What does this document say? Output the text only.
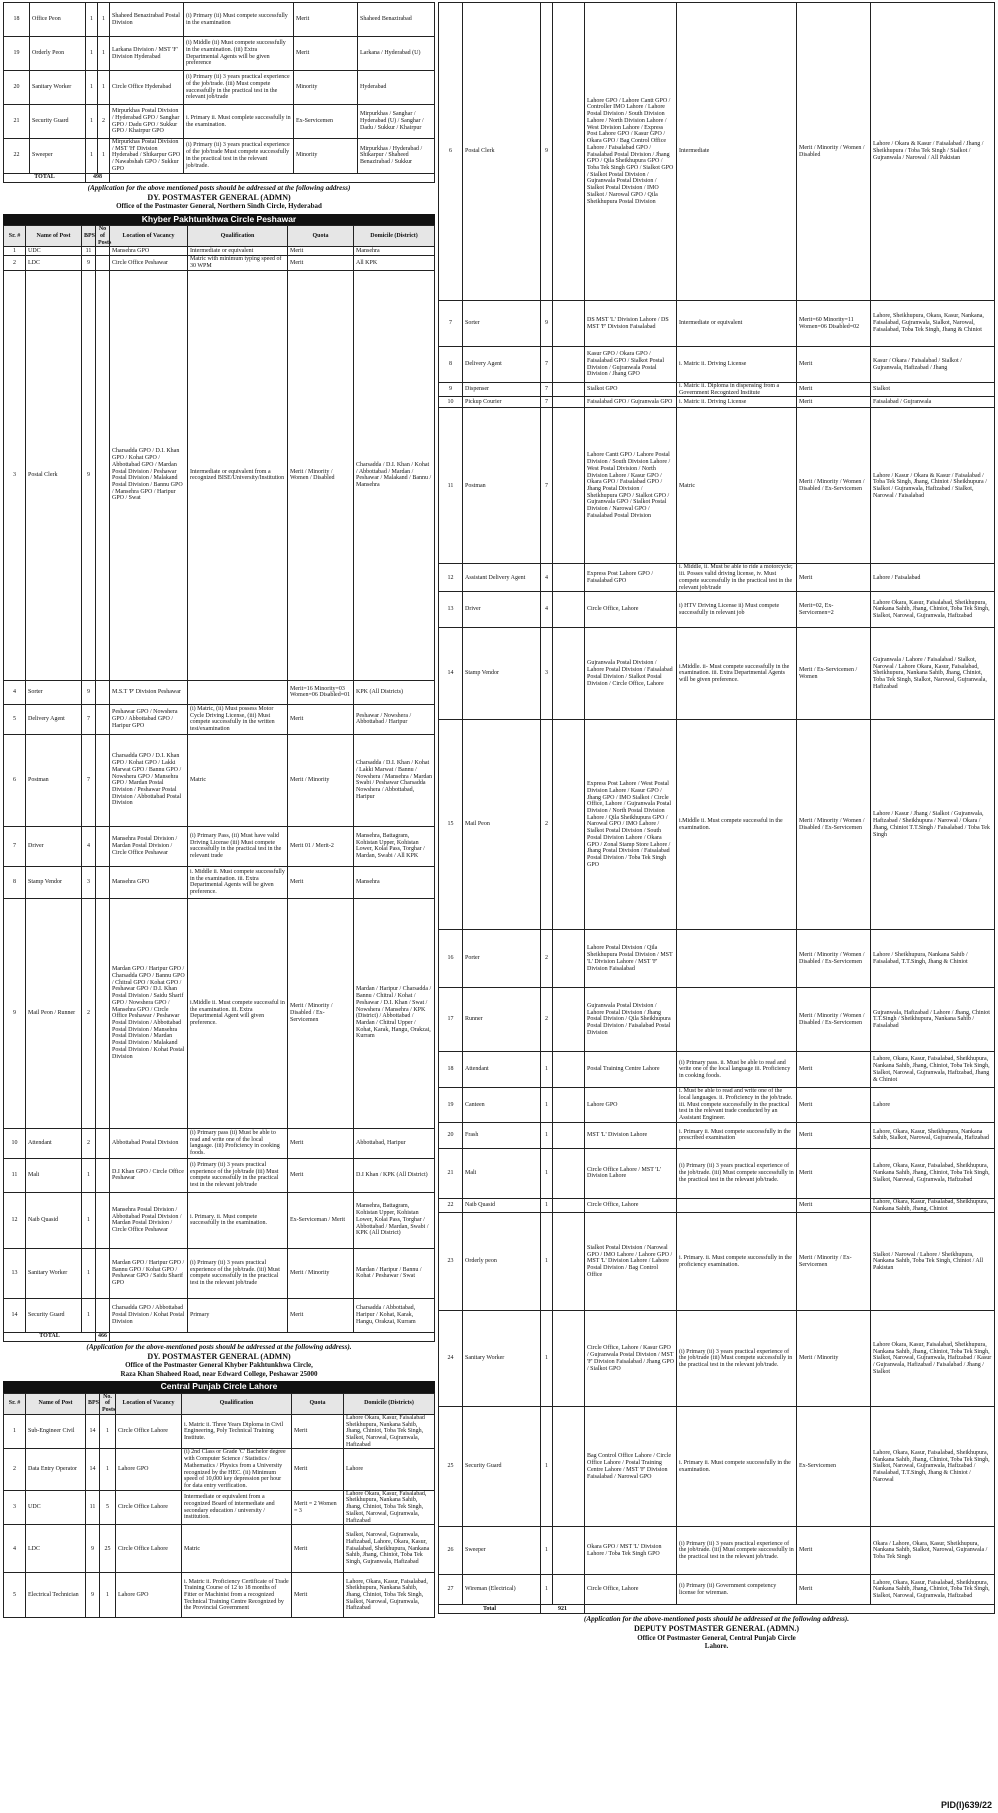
18	Office Peon	1	1	Shaheed Benazirabad Postal Division	(i) Primary (ii) Must compete successfully in the examination	Merit	Shaheed Benazirabad
19	Orderly Peon	1	1	Larkana Division / MST 'F' Division Hyderabad	(i) Middle (ii) Must compete successfully in the examination. (iii) Extra Departmental Agents will be given preference	Merit	Larkana / Hyderabad (U)
20	Sanitary Worker	1	1	Circle Office Hyderabad	(i) Primary (ii) 3 years practical experience of the job/trade. (iii) Must compete successfully in the practical test in the relevant job/trade	Minority	Hyderabad
21	Security Guard	1	2	Mirpurkhas Postal Division / Hyderabad GPO / Sanghar GPO / Dadu GPO / Sukkur GPO / Khairpur GPO	i. Primary ii. Must complete successfully in the examination.	Ex-Servicemen	Mirpurkhas / Sanghar / Hyderabad (U) / Sanghar / Dadu / Sukkur / Khairpur
22	Sweeper	1	1	Mirpurkhas Postal Division / MST 'H' Division Hyderabad / Shikarpur GPO / Nawabshah GPO / Sukkur GPO	(i) Primary (ii) 3 years practical experience of the job/trade Must compete successfully in the practical test in the relevant job/trade.	Minority	Mirpurkhas / Hyderabad / Shikarpur / Shaheed Benazirabad / Sukkur
TOTAL		498					
(Application for the above mentioned posts should be addressed at the following address)
DY. POSTMASTER GENERAL (ADMN)
Office of the Postmaster General, Northern Sindh Circle, Hyderabad
Khyber Pakhtunkhwa Circle Peshawar
Sr. #	Name of Post	BPS	No of Posts	Location of Vacancy	Qualification	Quota	Domicile (District)
1	UDC	11		Mansehra GPO	Intermediate or equivalent	Merit	Mansehra
2	LDC	9		Circle Office Peshawar	Matric with minimum typing speed of 30 WPM	Merit	All KPK
3	Postal Clerk	9		Charsadda GPO / D.I. Khan GPO / Kohat GPO / Abbottabad GPO / Mardan Postal Division / Peshawar Postal Division / Malakand Postal Division / Bannu GPO / Mansehra GPO / Haripur GPO / Swat	Intermediate or equivalent from a recognized BISE/University/Institution	Merit / Minority / Women / Disabled	Charsadda / D.I. Khan / Kohat / Abbottabad / Mardan / Peshawar / Malakand / Bannu / Mansehra
4	Sorter	9		M.S.T 'P' Division Peshawar		Merit=16 Minority=03 Women=06 Disabled=01	KPK (All Districts)
5	Delivery Agent	7		Peshawar GPO / Nowshera GPO / Abbottabad GPO / Haripur GPO	(i) Matric, (ii) Must possess Motor Cycle Driving License, (iii) Must compete successfully in the written test/examination	Merit	Peshawar / Nowshera / Abbottabad / Haripur
6	Postman	7		Charsadda GPO / D.I. Khan GPO / Kohat GPO / Lakki Marwat GPO / Bannu GPO / Nowshera GPO / Mansehra GPO / Mardan Postal Division / Peshawar Postal Division / Abbottabad Postal Division	Matric	Merit / Minority	Charsadda / D.I. Khan / Kohat / Lakki Marwat / Bannu / Nowshera / Mansehra / Mardan Swabi / Peshawar Charsadda Nowshera / Abbottabad, Haripur
7	Driver	4		Mansehra Postal Division / Mardan Postal Division / Circle Office Peshawar	(i) Primary Pass, (ii) Must have valid Driving License (iii) Must compete successfully in the practical test in the relevant trade	Merit 01 / Merit-2	Mansehra, Battagram, Kohistan Upper, Kohistan Lower, Kolai Pass, Torghar / Mardan, Swabi / All KPK
8	Stamp Vendor	3		Mansehra GPO	i. Middle ii. Must compete successfully in the examination. iii. Extra Departmental Agents will be given preference.	Merit	Mansehra
9	Mail Peon / Runner	2		Mardan GPO / Haripur GPO / Charsadda GPO / Bannu GPO / Chitral GPO / Kohat GPO / Peshawar GPO / D.I. Khan Postal Division / Saidu Sharif GPO / Nowshera GPO / Mansehra GPO / Circle Office Peshawar / Peshawar Postal Division / Abbottabad Postal Division / Mansehra Postal Division / Mardan Postal Division / Malakand Postal Division / Kohat Postal Division	i.Middle ii. Must compete successful in the examination. iii. Extra Departmental Agent will given preference.	Merit / Minority / Disabled / Ex-Servicemen	Mardan / Haripur / Charsadda / Bannu / Chitral / Kohat / Peshawar / D.I. Khan / Swat / Nowshera / Mansehra / KPK (District) / Abbottabad / Mardan / Chitral Upper / Kohat, Karak, Hangu, Orakzai, Kurram
10	Attendant	2		Abbottabad Postal Division	(i) Primary pass (ii) Must be able to read and write one of the local language. (iii) Proficiency in cooking foods.	Merit	Abbottabad, Haripur
11	Mali	1		D.I Khan GPO / Circle Office Peshawar	(i) Primary (ii) 3 years practical experience of the job/trade (iii) Must compete successfully in the practical test in the relevant job/trade	Merit	D.I Khan / KPK (All District)
12	Naib Quasid	1		Mansehra Postal Division / Abbottabad Postal Division / Mardan Postal Division / Circle Office Peshawar	i. Primary. ii. Must compete successfully in the examination.	Ex-Serviceman / Merit	Mansehra, Battagram, Kohistan Upper, Kohistan Lower, Kolai Pass, Torghar / Abbottabad / Mardan, Swabi / KPK (All District)
13	Sanitary Worker	1		Mardan GPO / Haripur GPO / Bannu GPO / Kohat GPO / Peshawar GPO / Saidu Sharif GPO	(i) Primary (ii) 3 years practical experience of the job/trade. (iii) Must compete successfully in the practical test in the relevant job/trade	Merit / Minority	Mardan / Haripur / Bannu / Kohat / Peshawar / Swat
14	Security Guard	1		Charsadda GPO / Abbottabad Postal Division / Kohat Postal Division	Primary	Merit	Charsadda / Abbottabad, Haripur / Kohat, Karak, Hangu, Orakzai, Kurram
TOTAL			466				
(Application for the above-mentioned posts should be addressed at the following address).
DY. POSTMASTER GENERAL (ADMN)
Office of the Postmaster General Khyber Pakhtunkhwa Circle,
Raza Khan Shaheed Road, near Edward College, Peshawar 25000
Central Punjab Circle Lahore
Sr. #	Name of Post	BPS	No. of Posts	Location of Vacancy	Qualification	Quota	Domicile (Districts)
1	Sub-Engineer Civil	14	1	Circle Office Lahore	i. Matric ii. Three Years Diploma in Civil Engineering, Poly Technical Training Institute.	Merit	Lahore Okara, Kasur, Faisalabad Sheikhupura, Nankana Sahib, Jhang, Chiniot, Toba Tek Singh, Sialkot, Narowal, Gujranwala, Hafizabad
2	Data Entry Operator	14	1	Lahore GPO	(i) 2nd Class or Grade 'C' Bachelor degree with Computer Science / Statistics / Mathematics / Physics from a University recognized by the HEC. (ii) Minimum speed of 10,000 key depression per hour for data entry verification.	Merit	Lahore
3	UDC	11	5	Circle Office Lahore	Intermediate or equivalent from a recognized Board of intermediate and secondary education / university / institution.	Merit = 2 Women = 3	Lahore Okara, Kasur, Faisalabad, Sheikhupura, Nankana Sahib, Jhang, Chiniot, Toba Tek Singh, Sialkot, Narowal, Gujranwala, Hafizabad
4	LDC	9	25	Circle Office Lahore	Matric	Merit	Sialkot, Narowal, Gujranwala, Hafizabad, Lahore, Okara, Kasur, Faisalabad, Sheikhupura, Nankana Sahib, Jhang, Chiniot, Toba Tek Singh, Gujranwala, Hafizabad
5	Electrical Technician	9	1	Lahore GPO	i. Matric ii. Proficiency Certificate of Trade Training Course of 12 to 18 months of Fitter or Machinist from a recognized Technical Training Centre Recognized by the Provincial Government	Merit	Lahore, Okara, Kasur, Faisalabad, Sheikhupura, Nankana Sahib, Jhang, Chiniot, Toba Tek Singh, Sialkot, Narowal, Gujranwala, Hafizabad
6	Postal Clerk	9		Lahore GPO / Lahore Cantt GPO / Controller IMO Lahore / Lahore Postal Division / South Division Lahore / North Division Lahore / West Division Lahore / Express Post Lahore GPO / Kasur GPO / Okara GPO / Bag Control Office Lahore / Faisalabad GPO / Faisalabad Postal Division / Jhang GPO / Qila Sheikhupura GPO / Toba Tek Singh GPO / Sialkot GPO / Sialkot Postal Division / Gujranwala Postal Division / Sialkot Postal Division / IMO Sialkot / Narowal GPO / Qila Sheikhupura Postal Division	Intermediate	Merit / Minority / Women / Disabled	Lahore / Okara & Kasur / Faisalabad / Jhang / Sheikhupura / Toba Tek Singh / Sialkot / Gujranwala / Narowal / All Pakistan
7	Sorter	9		DS MST 'L' Division Lahore / DS MST 'F' Division Faisalabad	Intermediate or equivalent	Merit=60 Minority=11 Women=06 Disabled=02	Lahore, Sheikhupura, Okara, Kasur, Nankana, Faisalabad, Gujranwala, Sialkot, Narowal, Faisalabad, Toba Tek Singh, Jhang & Chiniot
8	Delivery Agent	7		Kasur GPO / Okara GPO / Faisalabad GPO / Sialkot Postal Division / Gujranwala Postal Division / Jhang GPO	i. Matric ii. Driving License	Merit	Kasur / Okara / Faisalabad / Sialkot / Gujranwala, Hafizabad / Jhang
9	Dispenser	7		Sialkot GPO	i. Matric ii. Diploma in dispensing from a Government Recognized Institute	Merit	Sialkot
10	Pickup Courier	7		Faisalabad GPO / Gujranwala GPO	i. Matric ii. Driving License	Merit	Faisalabad / Gujranwala
11	Postman	7		Lahore Cantt GPO / Lahore Postal Division / South Division Lahore / West Postal Division / North Division Lahore / Kasur GPO / Okara GPO / Faisalabad GPO / Jhang Postal Division / Sheikhupura GPO / Sialkot GPO / Gujranwala GPO / Sialkot Postal Division / Narowal GPO / Faisalabad Postal Division	Matric	Merit / Minority / Women / Disabled / Ex-Servicemen	Lahore / Kasur / Okara & Kasur / Faisalabad / Toba Tek Singh, Jhang, Chiniot / Sheikhupura / Sialkot / Gujranwala, Hafizabad / Sialkot, Narowal / Faisalabad
12	Assistant Delivery Agent	4		Express Post Lahore GPO / Faisalabad GPO	i. Middle, ii. Must be able to ride a motorcycle; iii. Posses valid driving license, iv. Must compete successfully in the practical test in the relevant job/trade	Merit	Lahore / Faisalabad
13	Driver	4		Circle Office, Lahore	i) HTV Driving License ii) Must compete successfully in relevant job	Merit=02, Ex-Servicemen=2	Lahore Okara, Kasur, Faisalabad, Sheikhupura, Nankana Sahib, Jhang, Chiniot, Toba Tek Singh, Sialkot, Narowal, Gujranwala, Hafizabad
14	Stamp Vendor	3		Gujranwala Postal Division / Lahore Postal Division / Faisalabad Postal Division / Sialkot Postal Division / Circle Office, Lahore	i.Middle. ii- Must compete successfully in the examination. iii. Extra Departmental Agents will be given preference.	Merit / Ex-Servicemen / Women	Gujranwala / Lahore / Faisalabad / Sialkot, Narowal / Lahore Okara, Kasur, Faisalabad, Sheikhupura, Nankana Sahib, Jhang, Chiniot, Toba Tek Singh, Sialkot, Narowal, Gujranwala, Hafizabad
15	Mail Peon	2		Express Post Lahore / West Postal Division Lahore / Kasur GPO / Jhang GPO / IMO Sialkot / Circle Office, Lahore / Gujranwala Postal Division / North Postal Division Lahore / Qila Sheikhupura GPO / Narowal GPO / IMO Lahore / Sialkot Postal Division / South Postal Division Lahore / Okara GPO / Zonal Stamp Store Lahore / Jhang Postal Division / Faisalabad Postal Division / Toba Tek Singh GPO	i.Middle ii. Must compete successful in the examination.	Merit / Minority / Women / Disabled / Ex-Servicemen	Lahore / Kasur / Jhang / Sialkot / Gujranwala, Hafizabad / Sheikhupura / Narowal / Okara / Jhang, Chiniot T.T.Singh / Faisalabad / Toba Tek Singh
16	Porter	2		Lahore Postal Division / Qila Sheikhupura Postal Division / MST 'L' Division Lahore / MST 'F' Division Faisalabad		Merit / Minority / Women / Disabled / Ex-Servicemen	Lahore / Sheikhupura, Nankana Sahib / Faisalabad, T.T.Singh, Jhang & Chiniot
17	Runner	2		Gujranwala Postal Division / Lahore Postal Division / Jhang Postal Division / Qila Sheikhupura Postal Division / Faisalabad Postal Division		Merit / Minority / Women / Disabled / Ex-Servicemen	Gujranwala, Hafizabad / Lahore / Jhang, Chiniot T.T.Singh / Sheikhupura, Nankana Sahib / Faisalabad
18	Attendant	1		Postal Training Centre Lahore	(i) Primary pass. ii. Must be able to read and write one of the local language iii. Proficiency in cooking foods.	Merit	Lahore, Okara, Kasur, Faisalabad, Sheikhupura, Nankana Sahib, Jhang, Chiniot, Toba Tek Singh, Sialkot, Narowal, Gujranwala, Hafizabad, Jhang & Chiniot
19	Canteen	1		Lahore GPO	i. Must be able to read and write one of the local languages. ii. Proficiency in the job/trade. iii. Must compete successfully in the practical test in the relevant trade conducted by an Assistant Engineer.	Merit	Lahore
20	Frash	1		MST 'L' Division Lahore	i. Primary ii. Must compete successfully in the prescribed examination	Merit	Lahore, Okara, Kasur, Sheikhupura, Nankana Sahib, Sialkot, Narowal, Gujranwala, Hafizabad
21	Mali	1		Circle Office Lahore / MST 'L' Division Lahore	(i) Primary (ii) 3 years practical experience of the job/trade. (iii) Must compete successfully in the practical test in the relevant job/trade.	Merit	Lahore, Okara, Kasur, Faisalabad, Sheikhupura, Nankana Sahib, Jhang, Chiniot, Toba Tek Singh, Sialkot, Narowal, Gujranwala, Hafizabad
22	Naib Quasid	1		Circle Office, Lahore		Merit	Lahore, Okara, Kasur, Faisalabad, Sheikhupura, Nankana Sahib, Jhang, Chiniot
23	Orderly peon	1		Sialkot Postal Division / Narowal GPO / IMO Lahore / Lahore GPO / MST 'L' Division Lahore / Lahore Postal Division / Bag Control Office	i. Primary. ii. Must compete successfully in the proficiency examination.	Merit / Minority / Ex-Servicemen	Sialkot / Narowal / Lahore / Sheikhupura, Nankana Sahib, Toba Tek Singh, Chiniot / All Pakistan
24	Sanitary Worker	1		Circle Office, Lahore / Kasur GPO / Gujranwala Postal Division / MST 'F' Division Faisalabad / Jhang GPO / Sialkot GPO	(i) Primary (ii) 3 years practical experience of the job/trade (iii) Must compete successfully in the practical test in the relevant job/trade.	Merit / Minority	Lahore Okara, Kasur, Faisalabad, Sheikhupura, Nankana Sahib, Jhang, Chiniot, Toba Tek Singh, Sialkot, Narowal, Gujranwala, Hafizabad / Kasur / Gujranwala, Hafizabad / Faisalabad / Jhang / Sialkot
25	Security Guard	1		Bag Control Office Lahore / Circle Office Lahore / Postal Training Centre Lahore / MST 'F' Division Faisalabad / Narowal GPO	i. Primary ii. Must compete successfully in the examination.	Ex-Servicemen	Lahore, Okara, Kasur, Faisalabad, Sheikhupura, Nankana Sahib, Jhang, Chiniot, Toba Tek Singh, Sialkot, Narowal, Gujranwala, Hafizabad / Faisalabad, T.T.Singh, Jhang & Chiniot / Narowal
26	Sweeper	1		Okara GPO / MST 'L' Division Lahore / Toba Tek Singh GPO	(i) Primary (ii) 3 years practical experience of the job/trade. (iii) Must compete successfully in the practical test in the relevant job/trade.	Merit	Okara / Lahore, Okara, Kasur, Sheikhupura, Nankana Sahib, Sialkot, Narowal, Gujranwala / Toba Tek Singh
27	Wireman (Electrical)	1		Circle Office, Lahore	(i) Primary (ii) Government competency license for wireman.	Merit	Lahore, Okara, Kasur, Faisalabad, Sheikhupura, Nankana Sahib, Jhang, Chiniot, Toba Tek Singh, Sialkot, Narowal, Gujranwala, Hafizabad
Total		921					
(Application for the above-mentioned posts should be addressed at the following address).
DEPUTY POSTMASTER GENERAL (ADMN.)
Office Of Postmaster General, Central Punjab Circle
Lahore.
PID(I)639/22
